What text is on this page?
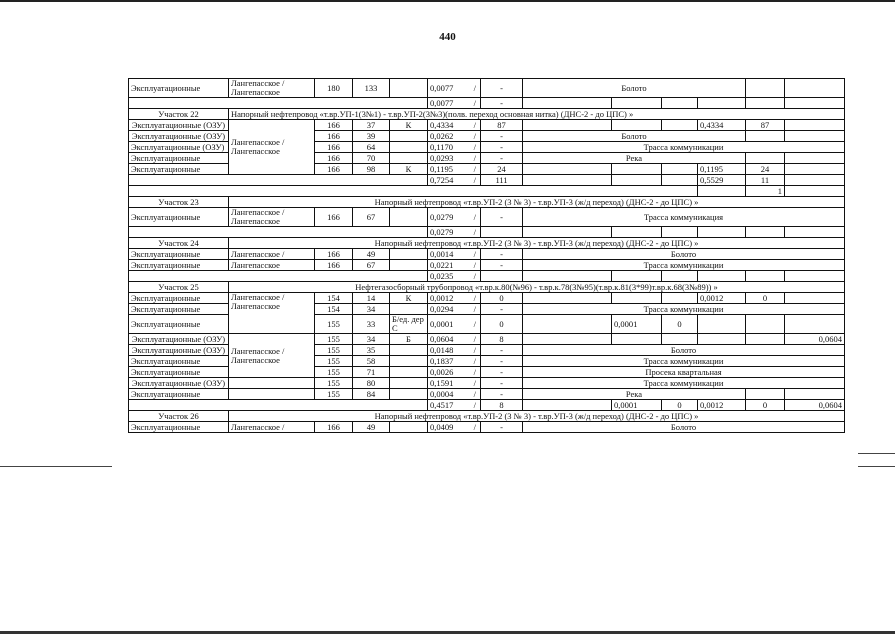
440
Эксплуатационные	Лангепасское / Лангепасское	180	133		0,0077 /	-	Болото					

					0,0077 /	-						
Участок 22	Напорный нефтепровод «т.вр.УП-1(3№1) - т.вр.УП-2(3№3)(полв. переход основная нитка) (ДНС-2 - до ЦПС) »											
Эксплуатационные (ОЗУ)	Лангепасское / Лангепасское	166	37	К	0,4334 /	87				0,4334	87	
Эксплуатационные (ОЗУ)		166	39		0,0262 /	-	Болото					
Эксплуатационные (ОЗУ)		166	64		0,1170 /	-	Трасса коммуникации					
Эксплуатационные		166	70		0,0293 /	-	Река					
Эксплуатационные		166	98	К	0,1195 /	24				0,1195	24	

					0,7254 /	111				0,5529	11	
											1	
Участок 23	Напорный нефтепровод «т.вр.УП-2 (3 № 3) - т.вр.УП-3 (ж/д переход) (ДНС-2 - до ЦПС) »											
Эксплуатационные	Лангепасское / Лангепасское	166	67		0,0279 /	-	Трасса коммуникация					

					0,0279 /							

Участок 24	Напорный нефтепровод «т.вр.УП-2 (3 № 3) - т.вр.УП-3 (ж/д переход) (ДНС-2 - до ЦПС) »											
Эксплуатационные	Лангепасское /	166	49		0,0014 /	-	Болото					
Эксплуатационные	Лангепасское	166	67		0,0221 /	-	Трасса коммуникации					

					0,0235 /							

Участок 25	Нефтегазосборный трубопровод «т.вр.к.80(№96) - т.вр.к.78(3№95)(т.вр.к.81(3*99)т.вр.к.68(3№89)) »											
Эксплуатационные	Лангепасское / Лангепасское	154	14	К	0,0012 /	0				0,0012	0	
Эксплуатационные		154	34		0,0294 /	-	Трасса коммуникации					
Эксплуатационные		155	33	Б/ед. дер С	0,0001 /	0		0,0001	0			
Эксплуатационные (ОЗУ)	Лангепасское / Лангепасское	155	34	Б	0,0604 /	8						0,0604
Эксплуатационные (ОЗУ)		155	35		0,0148 /	-	Болото					
Эксплуатационные		155	58		0,1837 /	-	Трасса коммуникации					
Эксплуатационные		155	71		0,0026 /	-	Просека квартальная					
Эксплуатационные (ОЗУ)		155	80		0,1591 /	-	Трасса коммуникации					
Эксплуатационные		155	84		0,0004 /	-	Река					

					0,4517 /	8		0,0001	0	0,0012	0	0,0604
Участок 26	Напорный нефтепровод «т.вр.УП-2 (3 № 3) - т.вр.УП-3 (ж/д переход) (ДНС-2 - до ЦПС) »											
Эксплуатационные	Лангепасское /	166	49		0,0409 /	-	Болото					
